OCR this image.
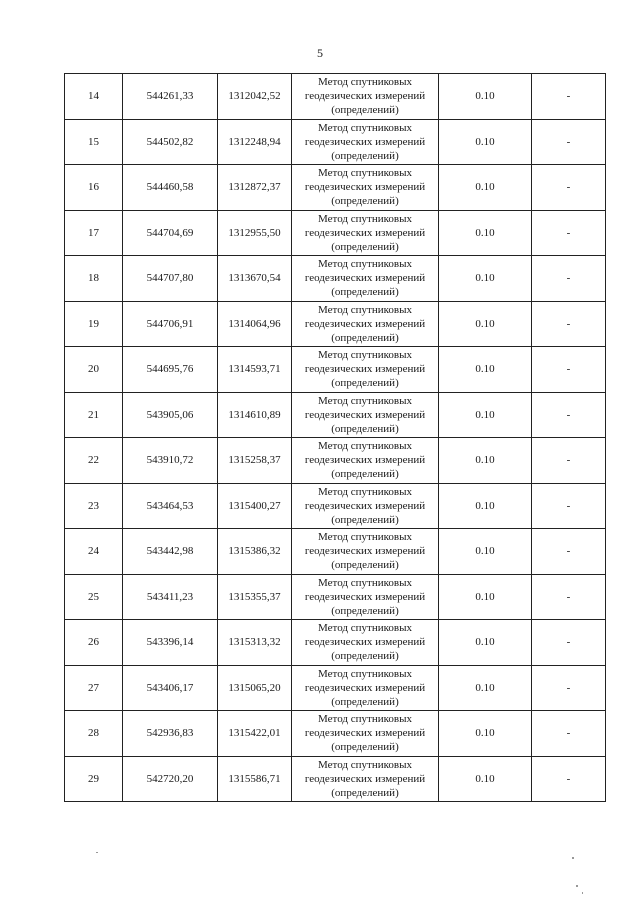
5
14	544261,33	1312042,52	Метод спутниковых
геодезических измерений
(определений)	0.10	-
15	544502,82	1312248,94	Метод спутниковых
геодезических измерений
(определений)	0.10	-
16	544460,58	1312872,37	Метод спутниковых
геодезических измерений
(определений)	0.10	-
17	544704,69	1312955,50	Метод спутниковых
геодезических измерений
(определений)	0.10	-
18	544707,80	1313670,54	Метод спутниковых
геодезических измерений
(определений)	0.10	-
19	544706,91	1314064,96	Метод спутниковых
геодезических измерений
(определений)	0.10	-
20	544695,76	1314593,71	Метод спутниковых
геодезических измерений
(определений)	0.10	-
21	543905,06	1314610,89	Метод спутниковых
геодезических измерений
(определений)	0.10	-
22	543910,72	1315258,37	Метод спутниковых
геодезических измерений
(определений)	0.10	-
23	543464,53	1315400,27	Метод спутниковых
геодезических измерений
(определений)	0.10	-
24	543442,98	1315386,32	Метод спутниковых
геодезических измерений
(определений)	0.10	-
25	543411,23	1315355,37	Метод спутниковых
геодезических измерений
(определений)	0.10	-
26	543396,14	1315313,32	Метод спутниковых
геодезических измерений
(определений)	0.10	-
27	543406,17	1315065,20	Метод спутниковых
геодезических измерений
(определений)	0.10	-
28	542936,83	1315422,01	Метод спутниковых
геодезических измерений
(определений)	0.10	-
29	542720,20	1315586,71	Метод спутниковых
геодезических измерений
(определений)	0.10	-
